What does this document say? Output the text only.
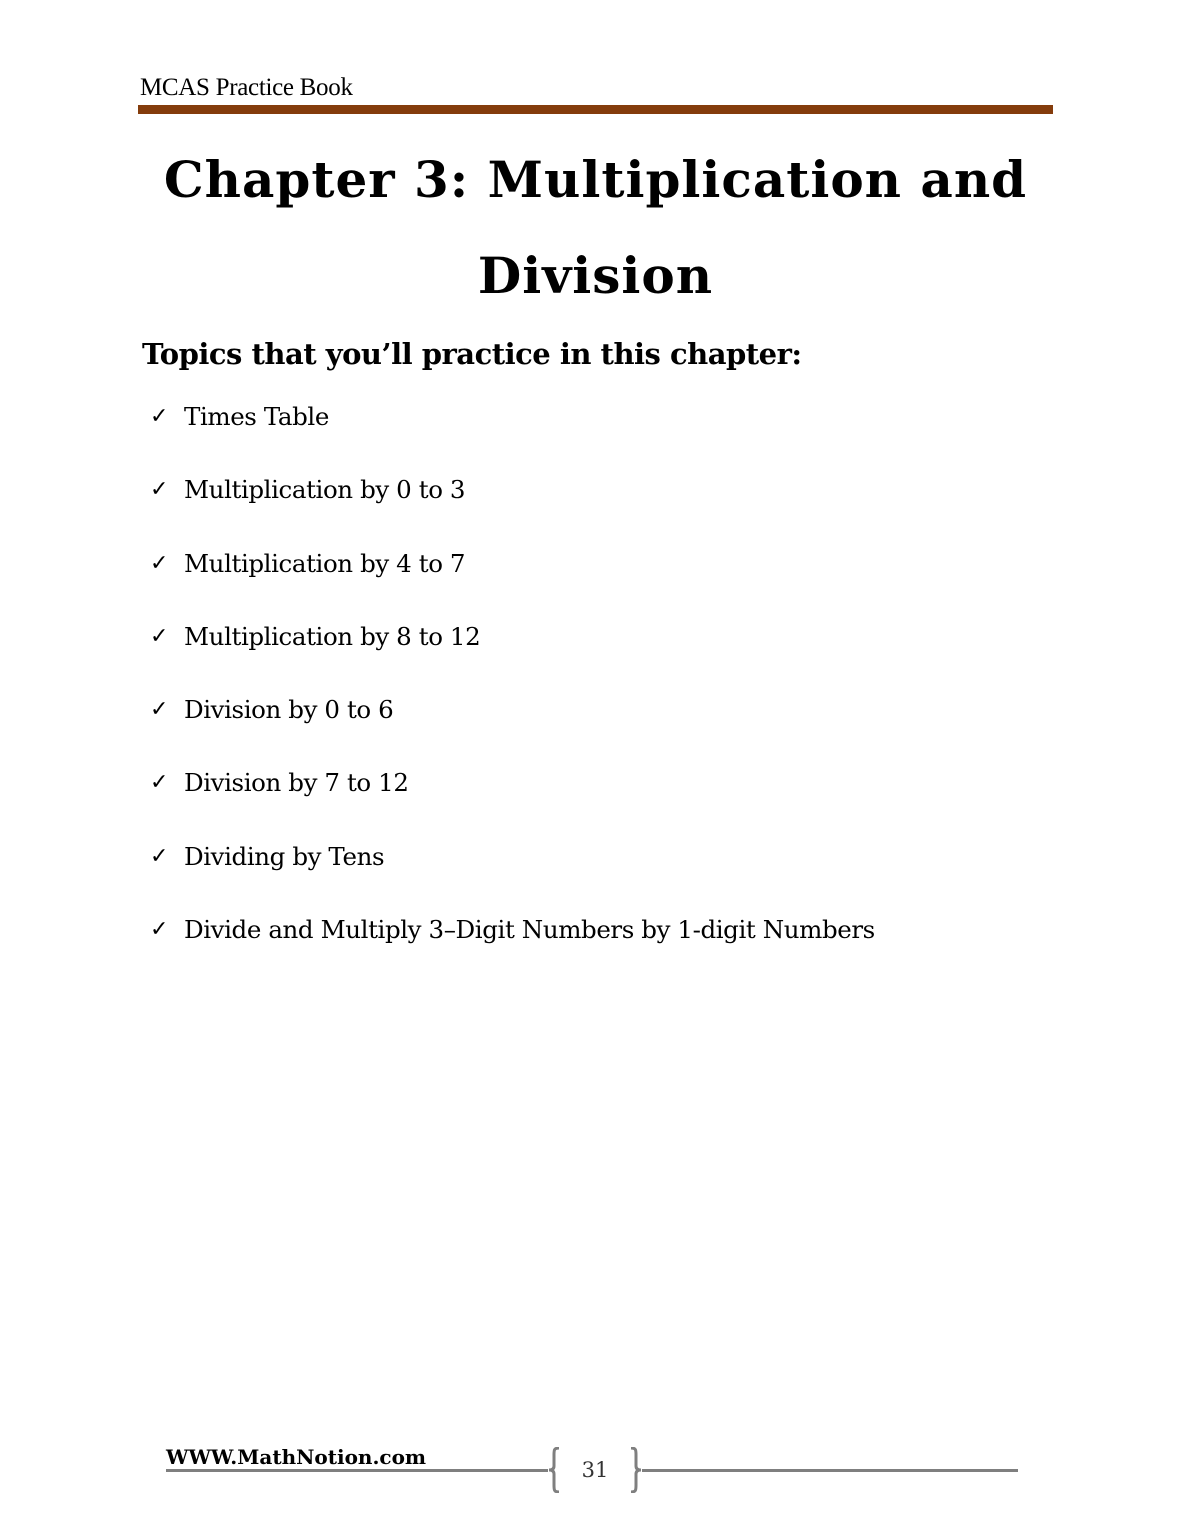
MCAS Practice Book
Chapter 3: Multiplication and
Division
Topics that you’ll practice in this chapter:
✓ Times Table
✓ Multiplication by 0 to 3
✓ Multiplication by 4 to 7
✓ Multiplication by 8 to 12
✓ Division by 0 to 6
✓ Division by 7 to 12
✓ Dividing by Tens
✓ Divide and Multiply 3–Digit Numbers by 1-digit Numbers
WWW.MathNotion.com
31
